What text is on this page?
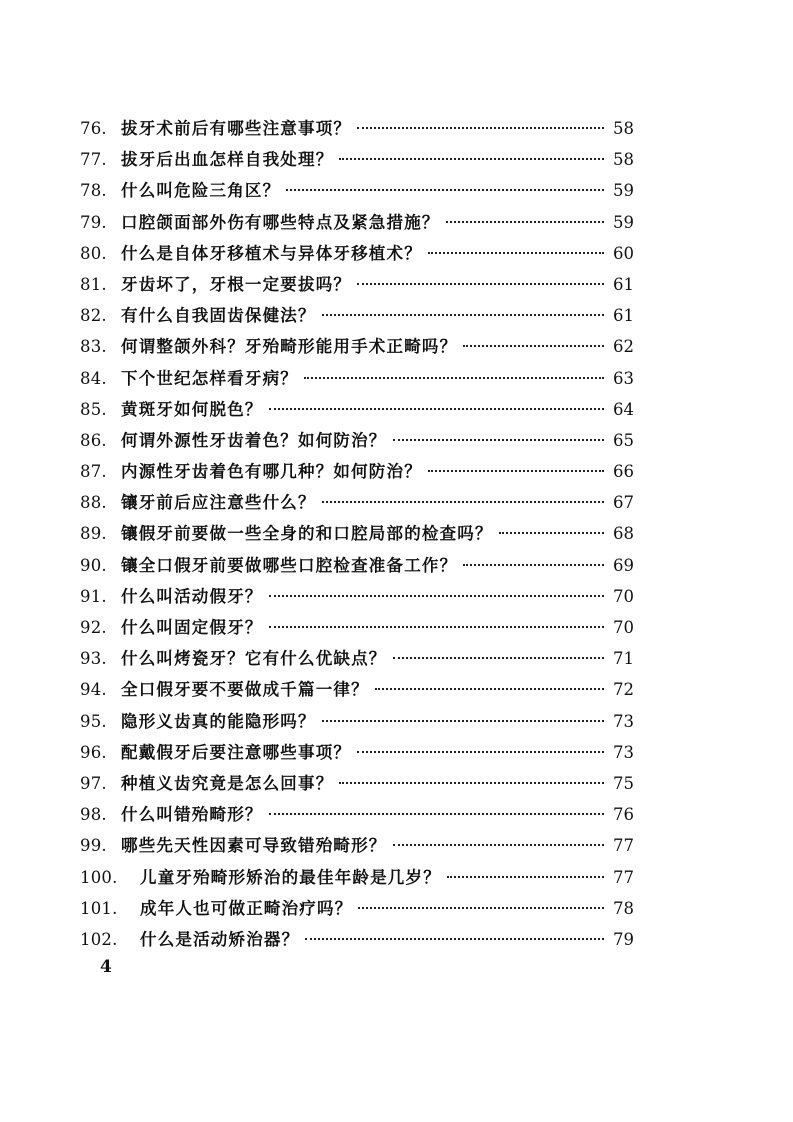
76. 拔牙术前后有哪些注意事项？	58
77. 拔牙后出血怎样自我处理？	58
78. 什么叫危险三角区？	59
79. 口腔颌面部外伤有哪些特点及紧急措施？	59
80. 什么是自体牙移植术与异体牙移植术？	60
81. 牙齿坏了，牙根一定要拔吗？	61
82. 有什么自我固齿保健法？	61
83. 何谓整颌外科？牙殆畸形能用手术正畸吗？	62
84. 下个世纪怎样看牙病？	63
85. 黄斑牙如何脱色？	64
86. 何谓外源性牙齿着色？如何防治？	65
87. 内源性牙齿着色有哪几种？如何防治？	66
88. 镶牙前后应注意些什么？	67
89. 镶假牙前要做一些全身的和口腔局部的检查吗？	68
90. 镶全口假牙前要做哪些口腔检查准备工作？	69
91. 什么叫活动假牙？	70
92. 什么叫固定假牙？	70
93. 什么叫烤瓷牙？它有什么优缺点？	71
94. 全口假牙要不要做成千篇一律？	72
95. 隐形义齿真的能隐形吗？	73
96. 配戴假牙后要注意哪些事项？	73
97. 种植义齿究竟是怎么回事？	75
98. 什么叫错殆畸形？	76
99. 哪些先天性因素可导致错殆畸形？	77
100.	儿童牙殆畸形矫治的最佳年龄是几岁？	77
101.	成年人也可做正畸治疗吗？	78
102.	什么是活动矫治器？	79
4
